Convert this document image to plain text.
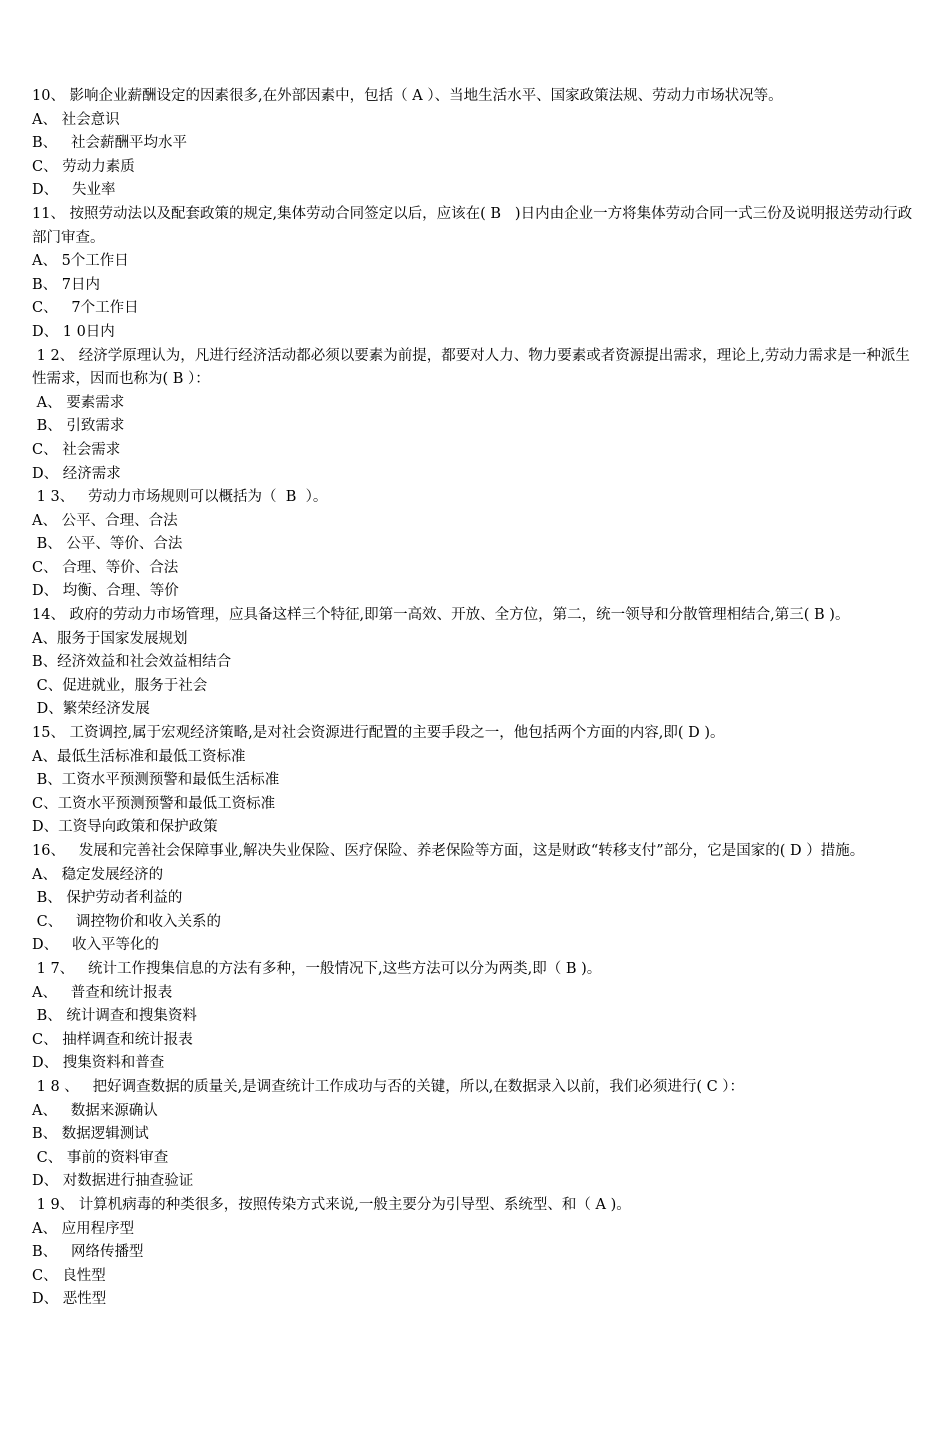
10、 影响企业薪酬设定的因素很多,在外部因素中，包括（ A ）、当地生活水平、国家政策法规、劳动力市场状况等。

A、 社会意识

B、   社会薪酬平均水平

C、 劳动力素质

D、   失业率

11、 按照劳动法以及配套政策的规定,集体劳动合同签定以后，应该在( B   )日内由企业一方将集体劳动合同一式三份及说明报送劳动行政部门审查。

A、 5个工作日

B、 7日内

C、   7个工作日

D、 1 0日内

1 2、 经济学原理认为，凡进行经济活动都必须以要素为前提，都要对人力、物力要素或者资源提出需求，理论上,劳动力需求是一种派生性需求，因而也称为( B ）：

A、 要素需求

B、 引致需求

C、 社会需求

D、 经济需求

1 3、   劳动力市场规则可以概括为（  B  ）。

A、 公平、合理、合法

B、 公平、等价、合法

C、 合理、等价、合法

D、 均衡、合理、等价

14、 政府的劳动力市场管理，应具备这样三个特征,即第一高效、开放、全方位，第二，统一领导和分散管理相结合,第三( B )。

A、服务于国家发展规划

B、经济效益和社会效益相结合

C、促进就业，服务于社会

D、繁荣经济发展

15、 工资调控,属于宏观经济策略,是对社会资源进行配置的主要手段之一，他包括两个方面的内容,即( D )。

A、最低生活标准和最低工资标准

B、工资水平预测预警和最低生活标准

C、工资水平预测预警和最低工资标准

D、工资导向政策和保护政策

16、   发展和完善社会保障事业,解决失业保险、医疗保险、养老保险等方面，这是财政“转移支付”部分，它是国家的( D ）措施。

A、 稳定发展经济的

B、 保护劳动者利益的

C、   调控物价和收入关系的

D、   收入平等化的

1 7、   统计工作搜集信息的方法有多种，一般情况下,这些方法可以分为两类,即（ B )。

A、   普查和统计报表

B、 统计调查和搜集资料

C、 抽样调查和统计报表

D、 搜集资料和普查

1 8 、   把好调查数据的质量关,是调查统计工作成功与否的关键，所以,在数据录入以前，我们必须进行( C ）：

A、   数据来源确认

B、 数据逻辑测试

C、 事前的资料审查

D、 对数据进行抽查验证

1 9、 计算机病毒的种类很多，按照传染方式来说,一般主要分为引导型、系统型、和（ A )。

A、 应用程序型

B、   网络传播型

C、 良性型

D、 恶性型
